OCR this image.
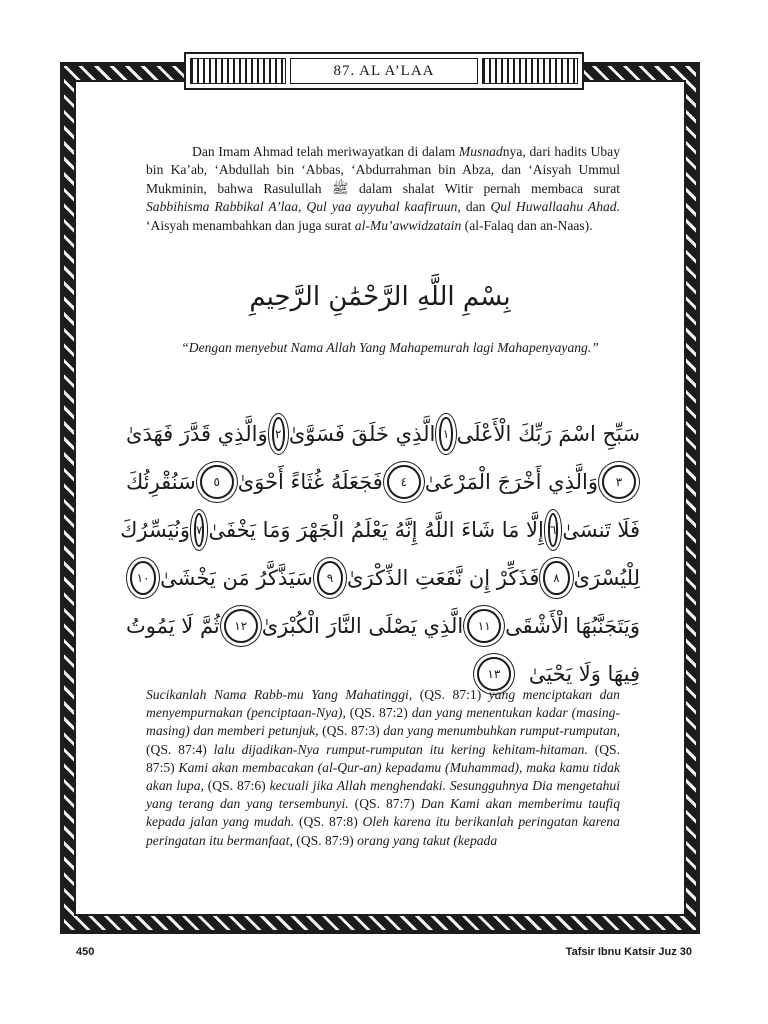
87. AL A’LAA

Dan Imam Ahmad telah meriwayatkan di dalam Musnadnya, dari hadits Ubay bin Ka’ab, ‘Abdullah bin ‘Abbas, ‘Abdurrahman bin Abza, dan ‘Aisyah Ummul Mukminin, bahwa Rasulullah ﷺ dalam shalat Witir pernah membaca surat Sabbihisma Rabbikal A’laa, Qul yaa ayyuhal kaafiruun, dan Qul Huwallaahu Ahad. ‘Aisyah menambahkan dan juga surat al-Mu’awwidzatain (al-Falaq dan an-Naas).

بِسْمِ اللَّهِ الرَّحْمَٰنِ الرَّحِيمِ
“Dengan menyebut Nama Allah Yang Mahapemurah lagi Mahapenyayang.”
سَبِّحِ اسْمَ رَبِّكَ الْأَعْلَى
١
الَّذِي خَلَقَ فَسَوَّىٰ
٢
وَالَّذِي قَدَّرَ فَهَدَىٰ
٣
وَالَّذِي أَخْرَجَ الْمَرْعَىٰ
٤
فَجَعَلَهُ غُثَاءً أَحْوَىٰ
٥
سَنُقْرِئُكَ
فَلَا تَنسَىٰ
٦
إِلَّا مَا شَاءَ اللَّهُ إِنَّهُ يَعْلَمُ الْجَهْرَ وَمَا يَخْفَىٰ
٧
وَنُيَسِّرُكَ
لِلْيُسْرَىٰ
٨
فَذَكِّرْ إِن نَّفَعَتِ الذِّكْرَىٰ
٩
سَيَذَّكَّرُ مَن يَخْشَىٰ
١٠
وَيَتَجَنَّبُهَا الْأَشْقَى
١١
الَّذِي يَصْلَى النَّارَ الْكُبْرَىٰ
١٢
ثُمَّ لَا يَمُوتُ
فِيهَا وَلَا يَحْيَىٰ
١٣
Sucikanlah Nama Rabb-mu Yang Mahatinggi, (QS. 87:1) yang menciptakan dan menyempurnakan (penciptaan-Nya), (QS. 87:2) dan yang menentukan kadar (masing-masing) dan memberi petunjuk, (QS. 87:3) dan yang menumbuhkan rumput-rumputan, (QS. 87:4) lalu dijadikan-Nya rumput-rumputan itu kering kehitam-hitaman. (QS. 87:5) Kami akan membacakan (al-Qur-an) kepadamu (Muhammad), maka kamu tidak akan lupa, (QS. 87:6) kecuali jika Allah menghendaki. Sesungguhnya Dia mengetahui yang terang dan yang tersembunyi. (QS. 87:7) Dan Kami akan memberimu taufiq kepada jalan yang mudah. (QS. 87:8) Oleh karena itu berikanlah peringatan karena peringatan itu bermanfaat, (QS. 87:9) orang yang takut (kepada
450	Tafsir Ibnu Katsir Juz 30
